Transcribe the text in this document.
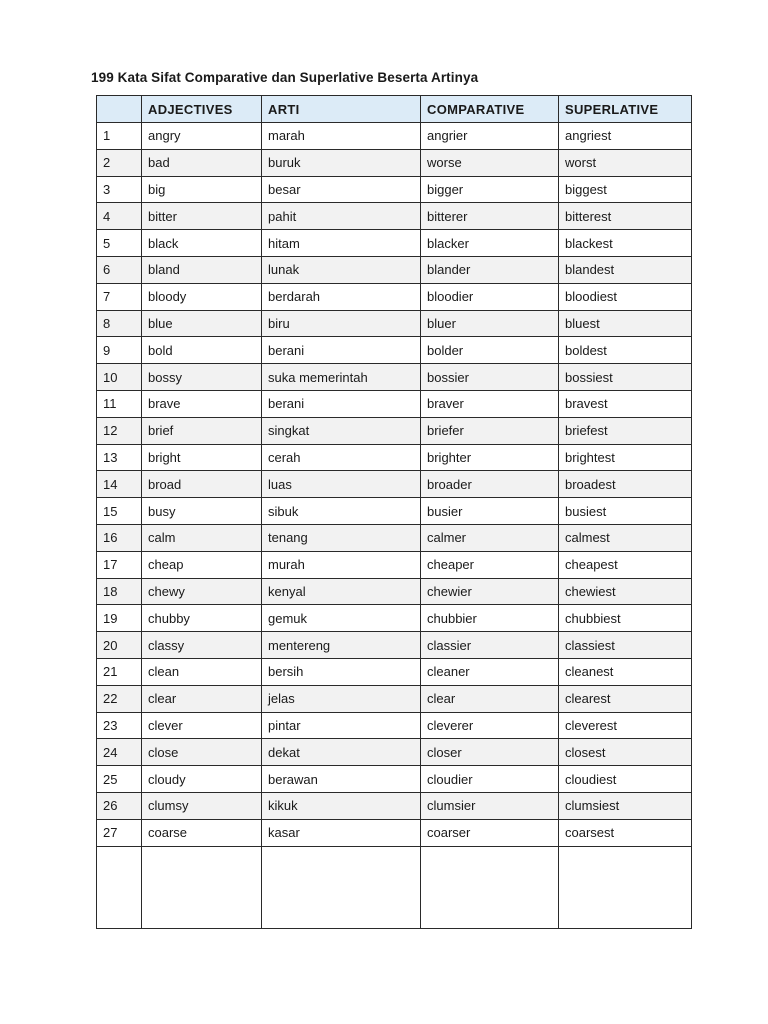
199 Kata Sifat Comparative dan Superlative Beserta Artinya
	ADJECTIVES	ARTI	COMPARATIVE	SUPERLATIVE
1	angry	marah	angrier	angriest
2	bad	buruk	worse	worst
3	big	besar	bigger	biggest
4	bitter	pahit	bitterer	bitterest
5	black	hitam	blacker	blackest
6	bland	lunak	blander	blandest
7	bloody	berdarah	bloodier	bloodiest
8	blue	biru	bluer	bluest
9	bold	berani	bolder	boldest
10	bossy	suka memerintah	bossier	bossiest
11	brave	berani	braver	bravest
12	brief	singkat	briefer	briefest
13	bright	cerah	brighter	brightest
14	broad	luas	broader	broadest
15	busy	sibuk	busier	busiest
16	calm	tenang	calmer	calmest
17	cheap	murah	cheaper	cheapest
18	chewy	kenyal	chewier	chewiest
19	chubby	gemuk	chubbier	chubbiest
20	classy	mentereng	classier	classiest
21	clean	bersih	cleaner	cleanest
22	clear	jelas	clear	clearest
23	clever	pintar	cleverer	cleverest
24	close	dekat	closer	closest
25	cloudy	berawan	cloudier	cloudiest
26	clumsy	kikuk	clumsier	clumsiest
27	coarse	kasar	coarser	coarsest
